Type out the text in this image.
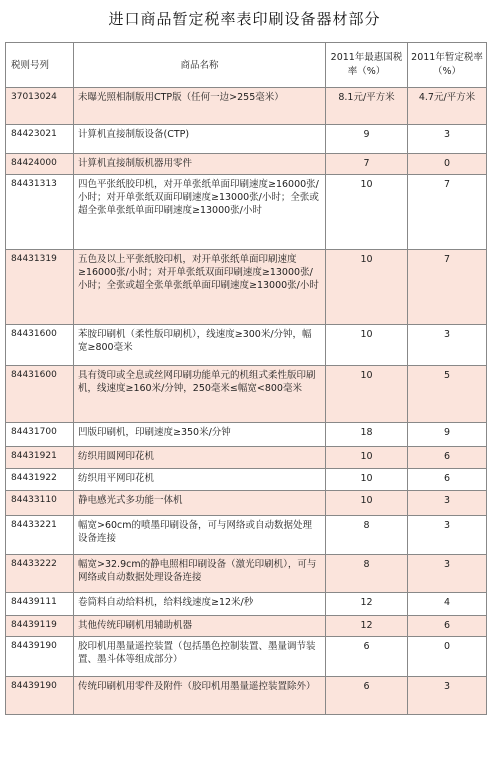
进口商品暂定税率表印刷设备器材部分
税则号列	商品名称	2011年最惠国税率（%）	2011年暂定税率（%）
37013024	未曝光照相制版用CTP版（任何一边>255毫米）	8.1元/平方米	4.7元/平方米
84423021	计算机直接制版设备(CTP)	9	3
84424000	计算机直接制版机器用零件	7	0
84431313	四色平张纸胶印机，对开单张纸单面印刷速度≥16000张/小时；对开单张纸双面印刷速度≥13000张/小时；全张或超全张单张纸单面印刷速度≥13000张/小时	10	7
84431319	五色及以上平张纸胶印机，对开单张纸单面印刷速度≥16000张/小时；对开单张纸双面印刷速度≥13000张/小时；全张或超全张单张纸单面印刷速度≥13000张/小时	10	7
84431600	苯胺印刷机（柔性版印刷机），线速度≥300米/分钟，幅宽≥800毫米	10	3
84431600	具有烫印或全息或丝网印刷功能单元的机组式柔性版印刷机，线速度≥160米/分钟，250毫米≤幅宽<800毫米	10	5
84431700	凹版印刷机，印刷速度≥350米/分钟	18	9
84431921	纺织用圆网印花机	10	6
84431922	纺织用平网印花机	10	6
84433110	静电感光式多功能一体机	10	3
84433221	幅宽>60cm的喷墨印刷设备，可与网络或自动数据处理设备连接	8	3
84433222	幅宽>32.9cm的静电照相印刷设备（激光印刷机），可与网络或自动数据处理设备连接	8	3
84439111	卷筒料自动给料机，给料线速度≥12米/秒	12	4
84439119	其他传统印刷机用辅助机器	12	6
84439190	胶印机用墨量遥控装置（包括墨色控制装置、墨量调节装置、墨斗体等组成部分）	6	0
84439190	传统印刷机用零件及附件（胶印机用墨量遥控装置除外）	6	3
